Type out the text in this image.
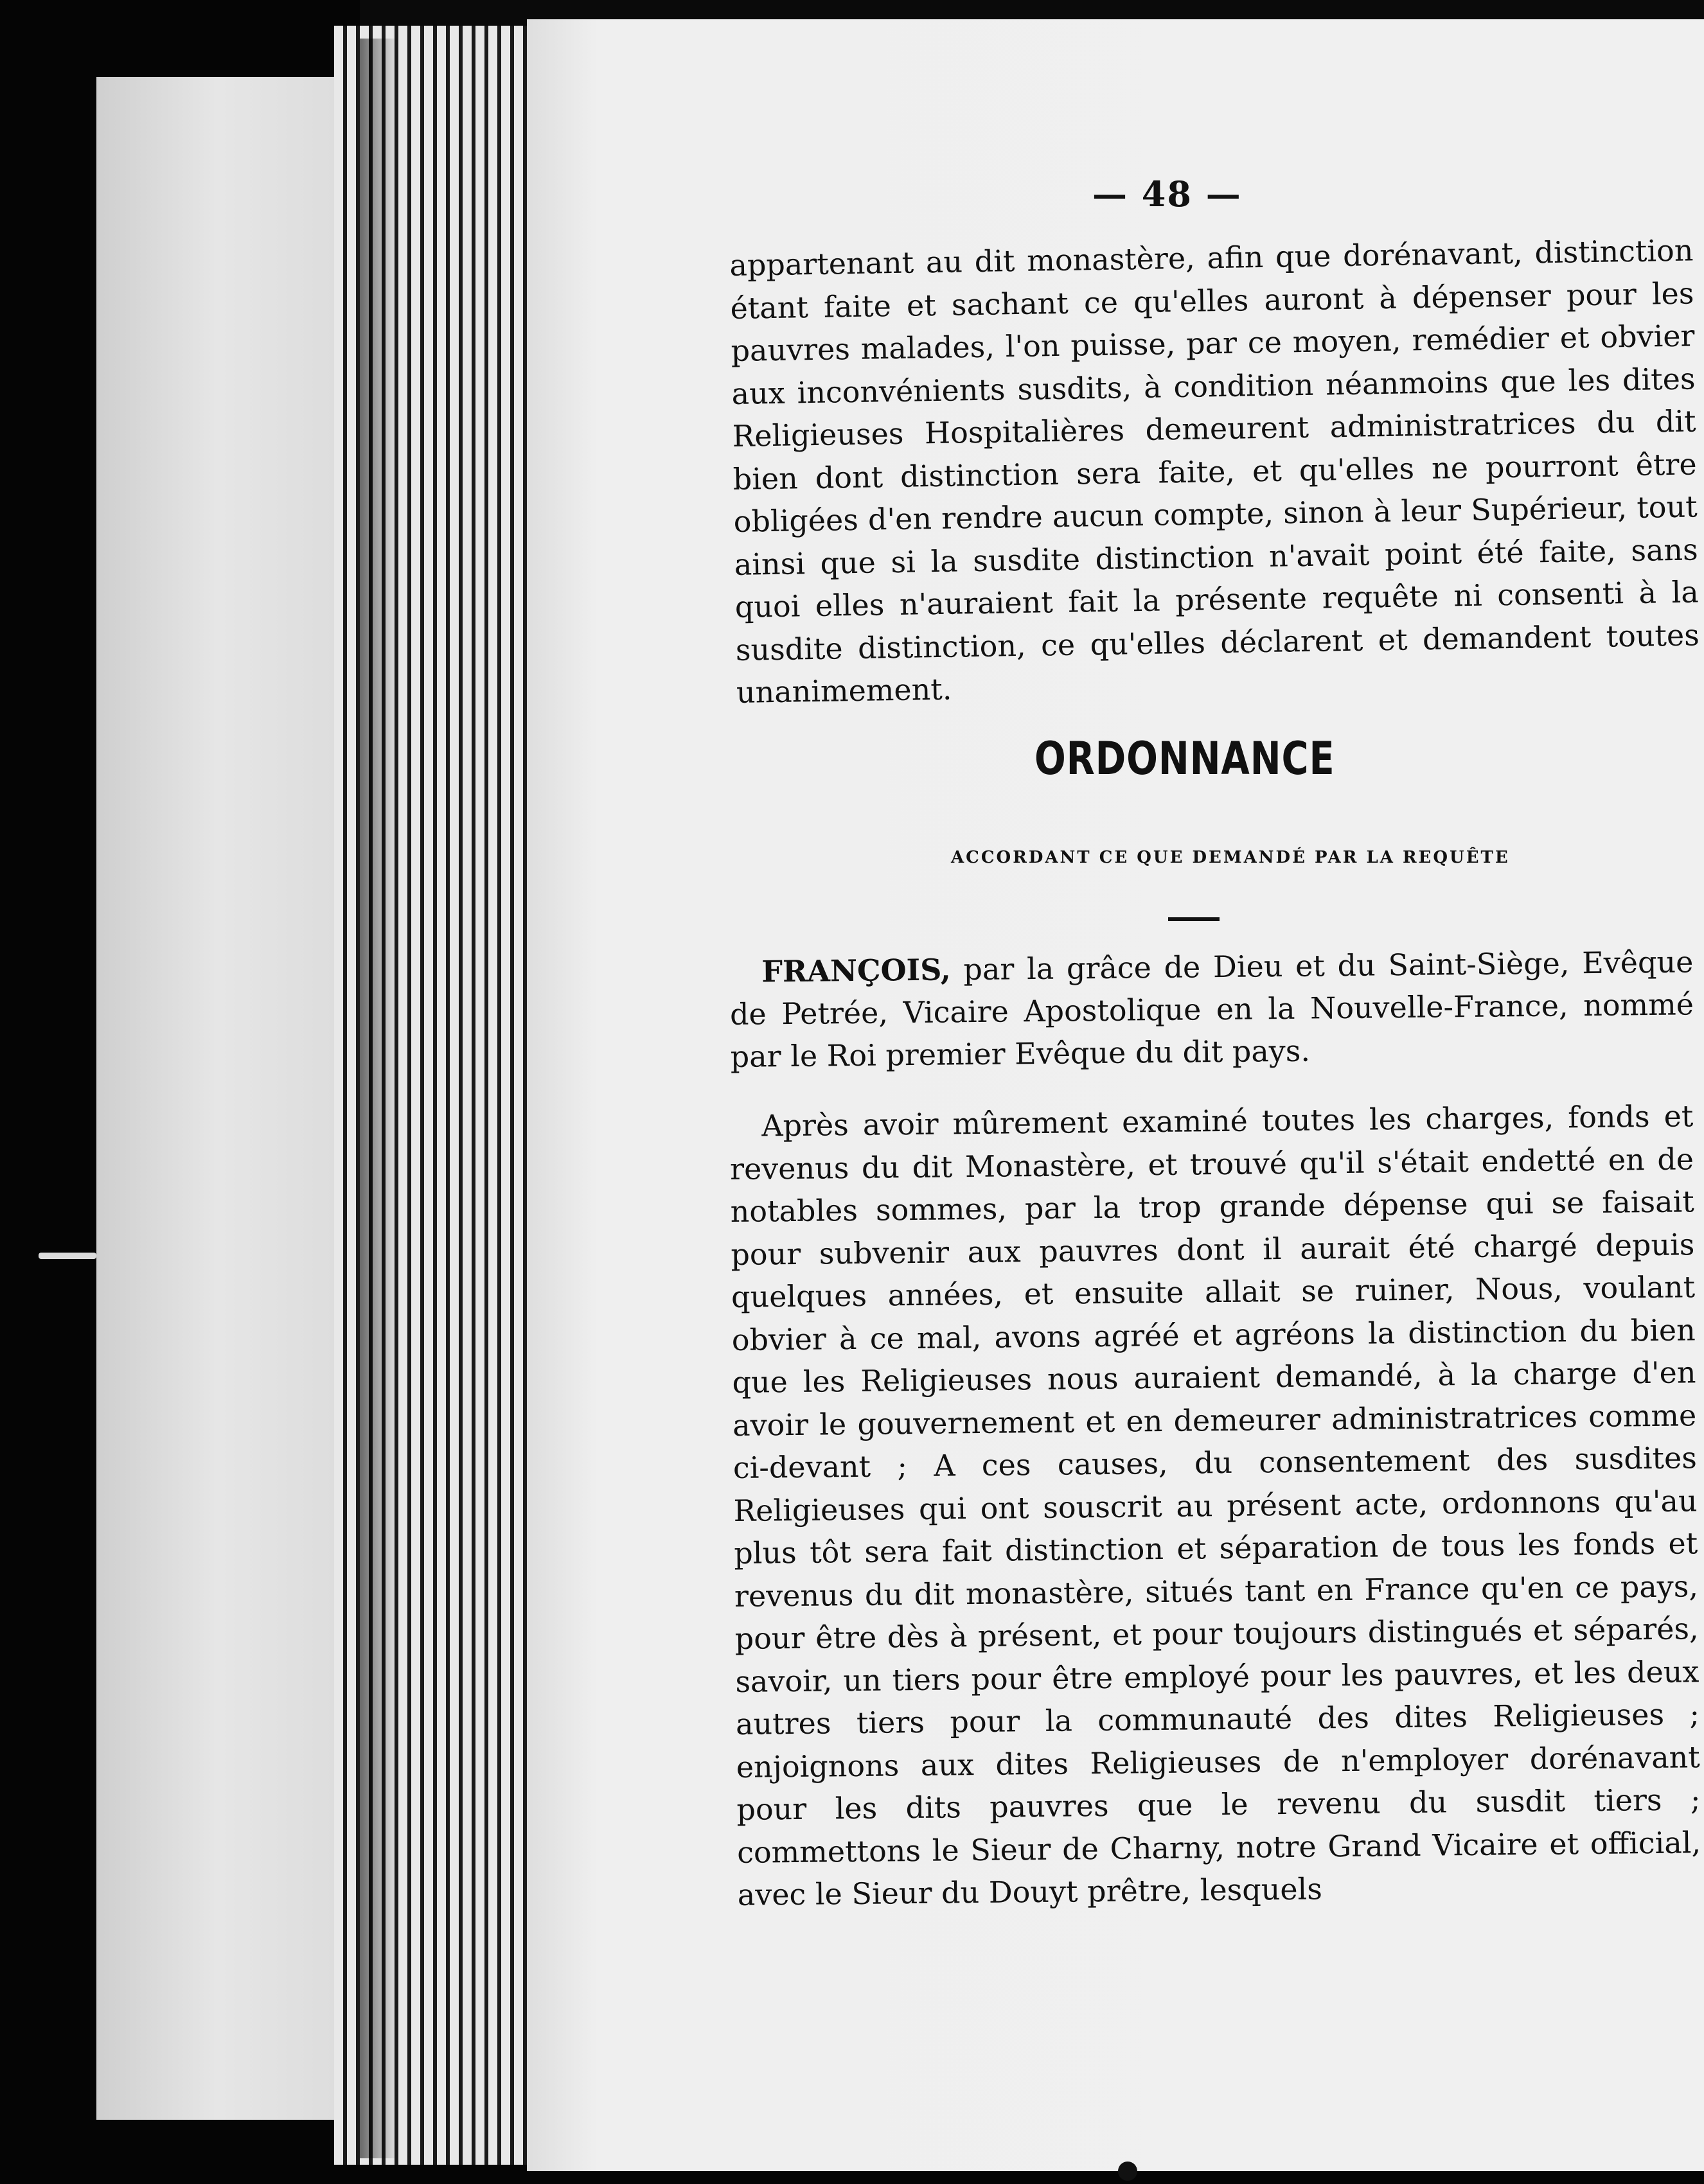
— 48 —

appartenant au dit monastère, afin que dorénavant, distinction étant faite et sachant ce qu'elles auront à dépenser pour les pauvres malades, l'on puisse, par ce moyen, remédier et obvier aux inconvénients susdits, à condition néanmoins que les dites Religieuses Hospitalières demeurent administratrices du dit bien dont distinction sera faite, et qu'elles ne pourront être obligées d'en rendre aucun compte, sinon à leur Supérieur, tout ainsi que si la susdite distinction n'avait point été faite, sans quoi elles n'auraient fait la présente requête ni consenti à la susdite distinction, ce qu'elles déclarent et demandent toutes unanimement.

ORDONNANCE
ACCORDANT CE QUE DEMANDÉ PAR LA REQUÊTE

FRANÇOIS, par la grâce de Dieu et du Saint-Siège, Evêque de Petrée, Vicaire Apostolique en la Nouvelle-France, nommé par le Roi premier Evêque du dit pays.

Après avoir mûrement examiné toutes les charges, fonds et revenus du dit Monastère, et trouvé qu'il s'était endetté en de notables sommes, par la trop grande dépense qui se faisait pour subvenir aux pauvres dont il aurait été chargé depuis quelques années, et ensuite allait se ruiner, Nous, voulant obvier à ce mal, avons agréé et agréons la distinction du bien que les Religieuses nous auraient demandé, à la charge d'en avoir le gouvernement et en demeurer administratrices comme ci-devant ; A ces causes, du consentement des susdites Religieuses qui ont souscrit au présent acte, ordonnons qu'au plus tôt sera fait distinction et séparation de tous les fonds et revenus du dit monastère, situés tant en France qu'en ce pays, pour être dès à présent, et pour toujours distingués et séparés, savoir, un tiers pour être employé pour les pauvres, et les deux autres tiers pour la communauté des dites Religieuses ; enjoignons aux dites Religieuses de n'employer dorénavant pour les dits pauvres que le revenu du susdit tiers ; commettons le Sieur de Charny, notre Grand Vicaire et official, avec le Sieur du Douyt prêtre, lesquels
